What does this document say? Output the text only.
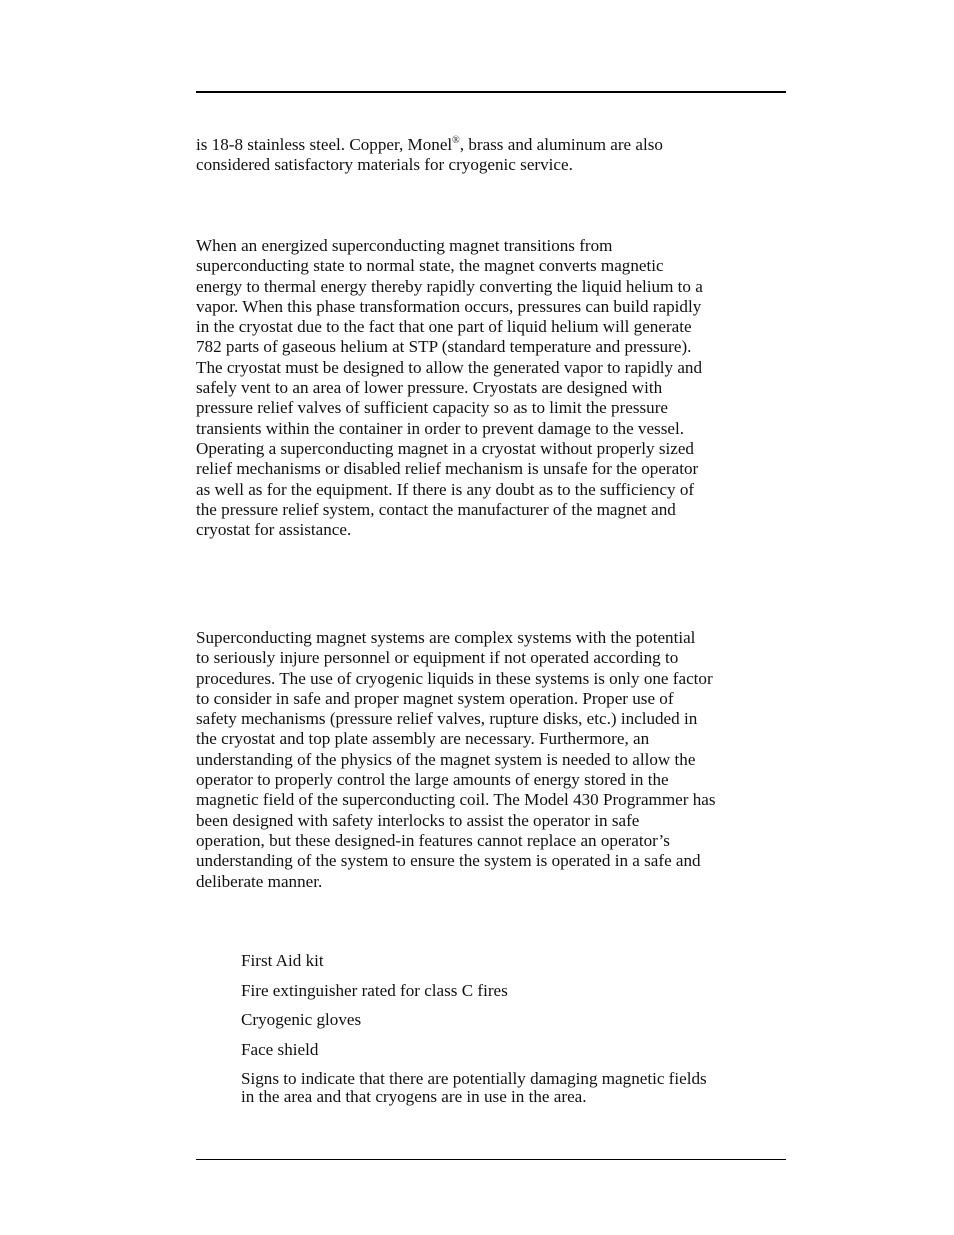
is 18-8 stainless steel. Copper, Monel®, brass and aluminum are also
considered satisfactory materials for cryogenic service.

When an energized superconducting magnet transitions from
superconducting state to normal state, the magnet converts magnetic
energy to thermal energy thereby rapidly converting the liquid helium to a
vapor. When this phase transformation occurs, pressures can build rapidly
in the cryostat due to the fact that one part of liquid helium will generate
782 parts of gaseous helium at STP (standard temperature and pressure).
The cryostat must be designed to allow the generated vapor to rapidly and
safely vent to an area of lower pressure. Cryostats are designed with
pressure relief valves of sufficient capacity so as to limit the pressure
transients within the container in order to prevent damage to the vessel.
Operating a superconducting magnet in a cryostat without properly sized
relief mechanisms or disabled relief mechanism is unsafe for the operator
as well as for the equipment. If there is any doubt as to the sufficiency of
the pressure relief system, contact the manufacturer of the magnet and
cryostat for assistance.

Superconducting magnet systems are complex systems with the potential
to seriously injure personnel or equipment if not operated according to
procedures. The use of cryogenic liquids in these systems is only one factor
to consider in safe and proper magnet system operation. Proper use of
safety mechanisms (pressure relief valves, rupture disks, etc.) included in
the cryostat and top plate assembly are necessary. Furthermore, an
understanding of the physics of the magnet system is needed to allow the
operator to properly control the large amounts of energy stored in the
magnetic field of the superconducting coil. The Model 430 Programmer has
been designed with safety interlocks to assist the operator in safe
operation, but these designed-in features cannot replace an operator’s
understanding of the system to ensure the system is operated in a safe and
deliberate manner.

First Aid kit
Fire extinguisher rated for class C fires
Cryogenic gloves
Face shield
Signs to indicate that there are potentially damaging magnetic fields
in the area and that cryogens are in use in the area.
